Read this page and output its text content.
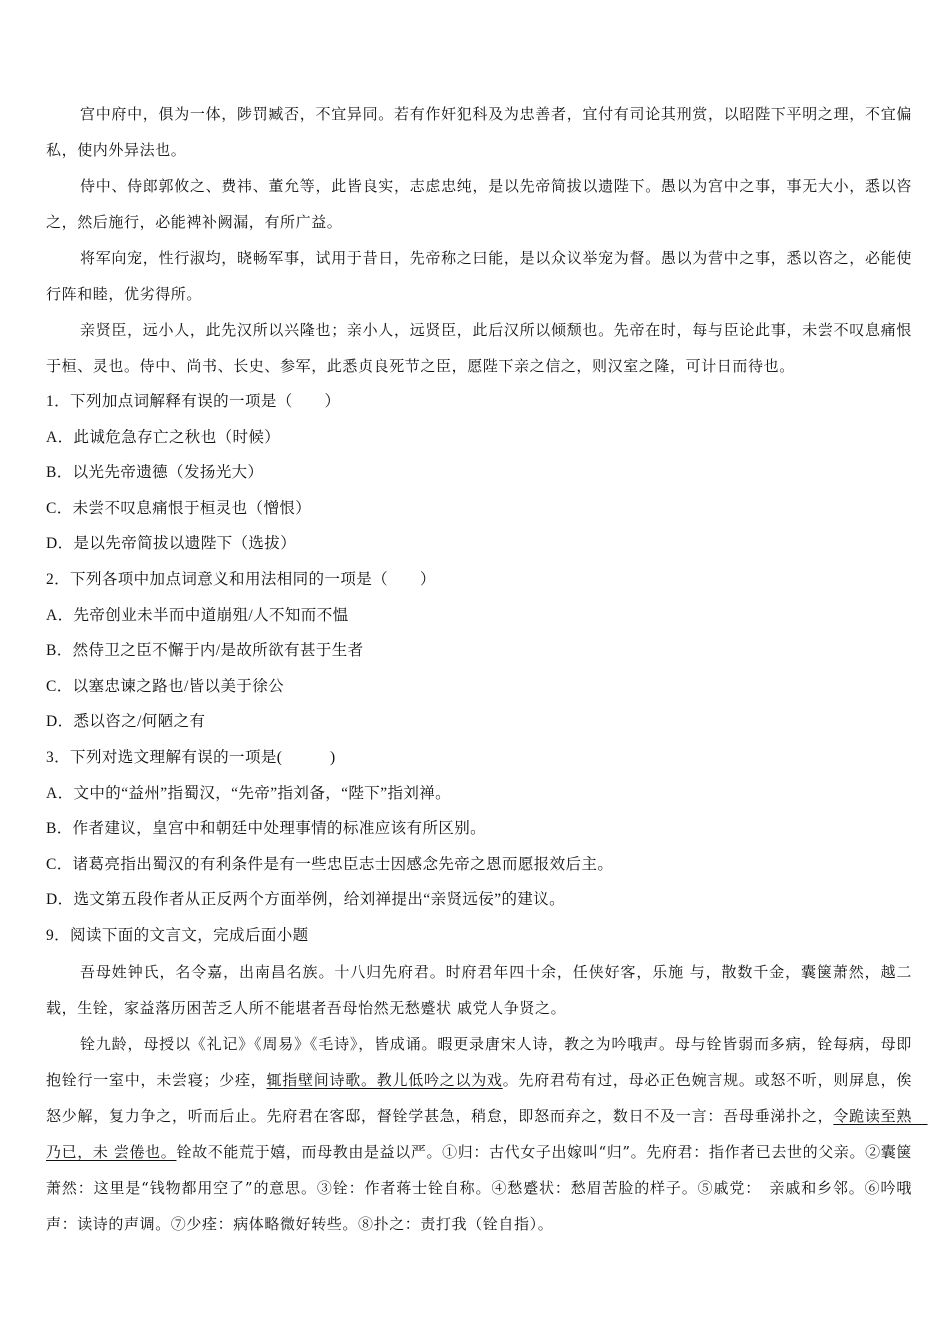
宫中府中，俱为一体，陟罚臧否，不宜异同。若有作奸犯科及为忠善者，宜付有司论其刑赏，以昭陛下平明之理，不宜偏私，使内外异法也。

侍中、侍郎郭攸之、费祎、董允等，此皆良实，志虑忠纯，是以先帝简拔以遗陛下。愚以为宫中之事，事无大小，悉以咨之，然后施行，必能裨补阙漏，有所广益。

将军向宠，性行淑均，晓畅军事，试用于昔日，先帝称之曰能，是以众议举宠为督。愚以为营中之事，悉以咨之，必能使行阵和睦，优劣得所。

亲贤臣，远小人，此先汉所以兴隆也；亲小人，远贤臣，此后汉所以倾颓也。先帝在时，每与臣论此事，未尝不叹息痛恨于桓、灵也。侍中、尚书、长史、参军，此悉贞良死节之臣，愿陛下亲之信之，则汉室之隆，可计日而待也。

1．下列加点词解释有误的一项是（　　）

A．此诚危急存亡之秋也（时候）

B．以光先帝遗德（发扬光大）

C．未尝不叹息痛恨于桓灵也（憎恨）

D．是以先帝简拔以遗陛下（选拔）

2．下列各项中加点词意义和用法相同的一项是（　　）

A．先帝创业未半而中道崩殂/人不知而不愠

B．然侍卫之臣不懈于内/是故所欲有甚于生者

C．以塞忠谏之路也/皆以美于徐公

D．悉以咨之/何陋之有

3．下列对选文理解有误的一项是(　　　)

A．文中的“益州”指蜀汉，“先帝”指刘备，“陛下”指刘禅。

B．作者建议，皇宫中和朝廷中处理事情的标准应该有所区别。

C．诸葛亮指出蜀汉的有利条件是有一些忠臣志士因感念先帝之恩而愿报效后主。

D．选文第五段作者从正反两个方面举例，给刘禅提出“亲贤远佞”的建议。

9．阅读下面的文言文，完成后面小题

吾母姓钟氏，名令嘉，出南昌名族。十八归先府君。时府君年四十余，任侠好客，乐施 与，散数千金，囊箧萧然，越二载，生铨，家益落历困苦乏人所不能堪者吾母怡然无愁蹙状 戚党人争贤之。

铨九龄，母授以《礼记》《周易》《毛诗》，皆成诵。暇更录唐宋人诗，教之为吟哦声。母与铨皆弱而多病，铨每病，母即抱铨行一室中，未尝寝；少痊，辄指壁间诗歌。教儿低吟之以为戏。先府君苟有过，母必正色婉言规。或怒不听，则屏息，俟怒少解，复力争之，听而后止。先府君在客邸，督铨学甚急，稍怠，即怒而弃之，数日不及一言：吾母垂涕扑之，令跪读至熟　乃已，未 尝倦也。铨故不能荒于嬉，而母教由是益以严。①归：古代女子出嫁叫“归”。先府君：指作者已去世的父亲。②囊箧萧然：这里是“钱物都用空了”的意思。③铨：作者蒋士铨自称。④愁蹙状：愁眉苦脸的样子。⑤戚党：　亲戚和乡邻。⑥吟哦 声：读诗的声调。⑦少痊：病体略微好转些。⑧扑之：责打我（铨自指）。
